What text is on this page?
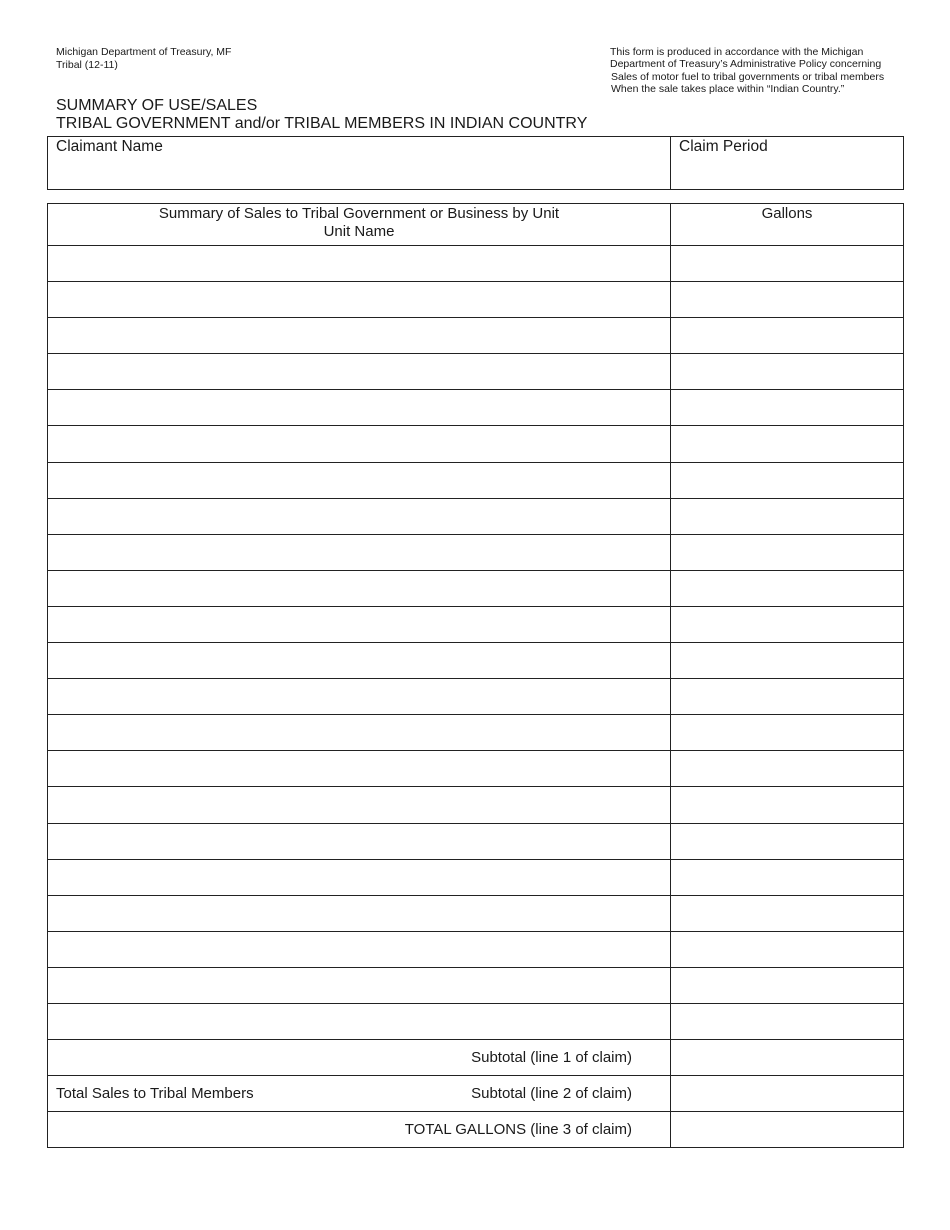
Michigan Department of Treasury, MF
Tribal (12-11)
This form is produced in accordance with the Michigan
Department of Treasury’s Administrative Policy concerning
Sales of motor fuel to tribal governments or tribal members
When the sale takes place within “Indian Country.”
SUMMARY OF USE/SALES
TRIBAL GOVERNMENT and/or TRIBAL MEMBERS IN INDIAN COUNTRY
Claimant Name	Claim Period
Summary of Sales to Tribal Government or Business by Unit
Unit Name	Gallons

Subtotal (line 1 of claim)	

Total Sales to Tribal Members Subtotal (line 2 of claim)	

TOTAL GALLONS (line 3 of claim)	
